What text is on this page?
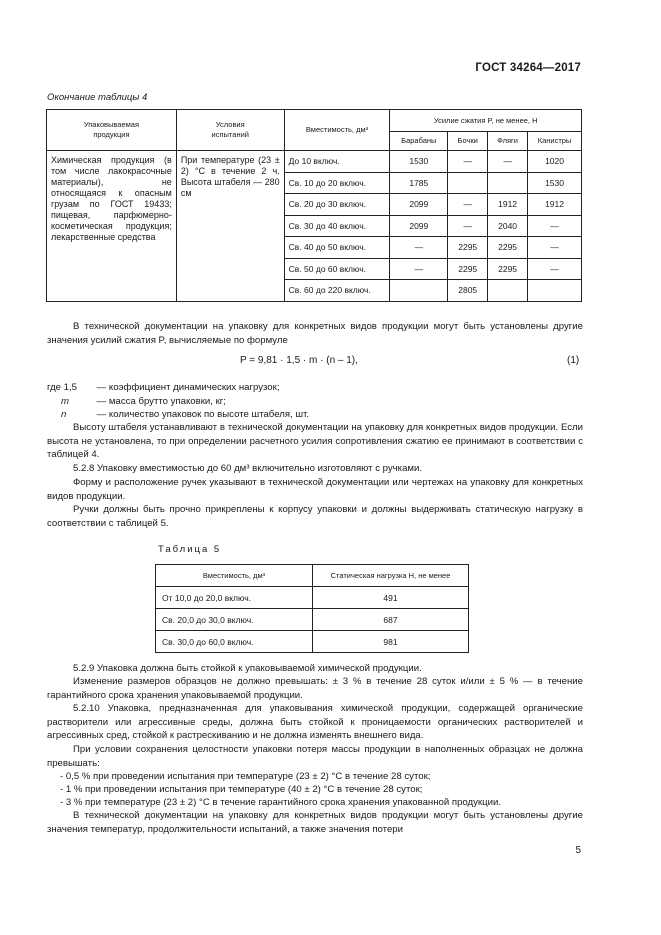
ГОСТ 34264—2017
Окончание таблицы 4
Упаковываемая продукция	Условия испытаний	Вместимость, дм³	Усилие сжатия P, не менее, Н			
			Барабаны	Бочки	Фляги	Канистры
Химическая продукция (в том числе лакокрасочные материалы), не относящаяся к опасным грузам по ГОСТ 19433; пищевая, парфюмерно-косметическая продукция; лекарственные средства	При температуре (23 ± 2) °С в течение 2 ч. Высота штабеля — 280 см	До 10 включ.	1530	—	—	1020
		Св. 10 до 20 включ.	1785			1530
		Св. 20 до 30 включ.	2099	—	1912	1912
		Св. 30 до 40 включ.	2099	—	2040	—
		Св. 40 до 50 включ.	—	2295	2295	—
		Св. 50 до 60 включ.	—	2295	2295	—
		Св. 60 до 220 включ.		2805		
В технической документации на упаковку для конкретных видов продукции могут быть установлены другие значения усилий сжатия P, вычисляемые по формуле
P = 9,81 · 1,5 · m · (n – 1),	(1)
где 1,5 — коэффициент динамических нагрузок;
m	— масса брутто упаковки, кг;
n	— количество упаковок по высоте штабеля, шт.
Высоту штабеля устанавливают в технической документации на упаковку для конкретных видов продукции. Если высота не установлена, то при определении расчетного усилия сопротивления сжатию ее принимают в соответствии с таблицей 4.
5.2.8 Упаковку вместимостью до 60 дм³ включительно изготовляют с ручками.
Форму и расположение ручек указывают в технической документации или чертежах на упаковку для конкретных видов продукции.
Ручки должны быть прочно прикреплены к корпусу упаковки и должны выдерживать статическую нагрузку в соответствии с таблицей 5.
Таблица 5
Вместимость, дм³	Статическая нагрузка Н, не менее
От 10,0 до 20,0 включ.	491
Св. 20,0 до 30,0 включ.	687
Св. 30,0 до 60,0 включ.	981
5.2.9 Упаковка должна быть стойкой к упаковываемой химической продукции.
Изменение размеров образцов не должно превышать: ± 3 % в течение 28 суток и/или ± 5 % — в течение гарантийного срока хранения упаковываемой продукции.
5.2.10 Упаковка, предназначенная для упаковывания химической продукции, содержащей органические растворители или агрессивные среды, должна быть стойкой к проницаемости органических растворителей и агрессивных сред, стойкой к растрескиванию и не должна изменять внешнего вида.
При условии сохранения целостности упаковки потеря массы продукции в наполненных образцах не должна превышать:
- 0,5 % при проведении испытания при температуре (23 ± 2) °С в течение 28 суток;
- 1 % при проведении испытания при температуре (40 ± 2) °С в течение 28 суток;
- 3 % при температуре (23 ± 2) °С в течение гарантийного срока хранения упакованной продукции.
В технической документации на упаковку для конкретных видов продукции могут быть установлены другие значения температур, продолжительности испытаний, а также значения потери
5
